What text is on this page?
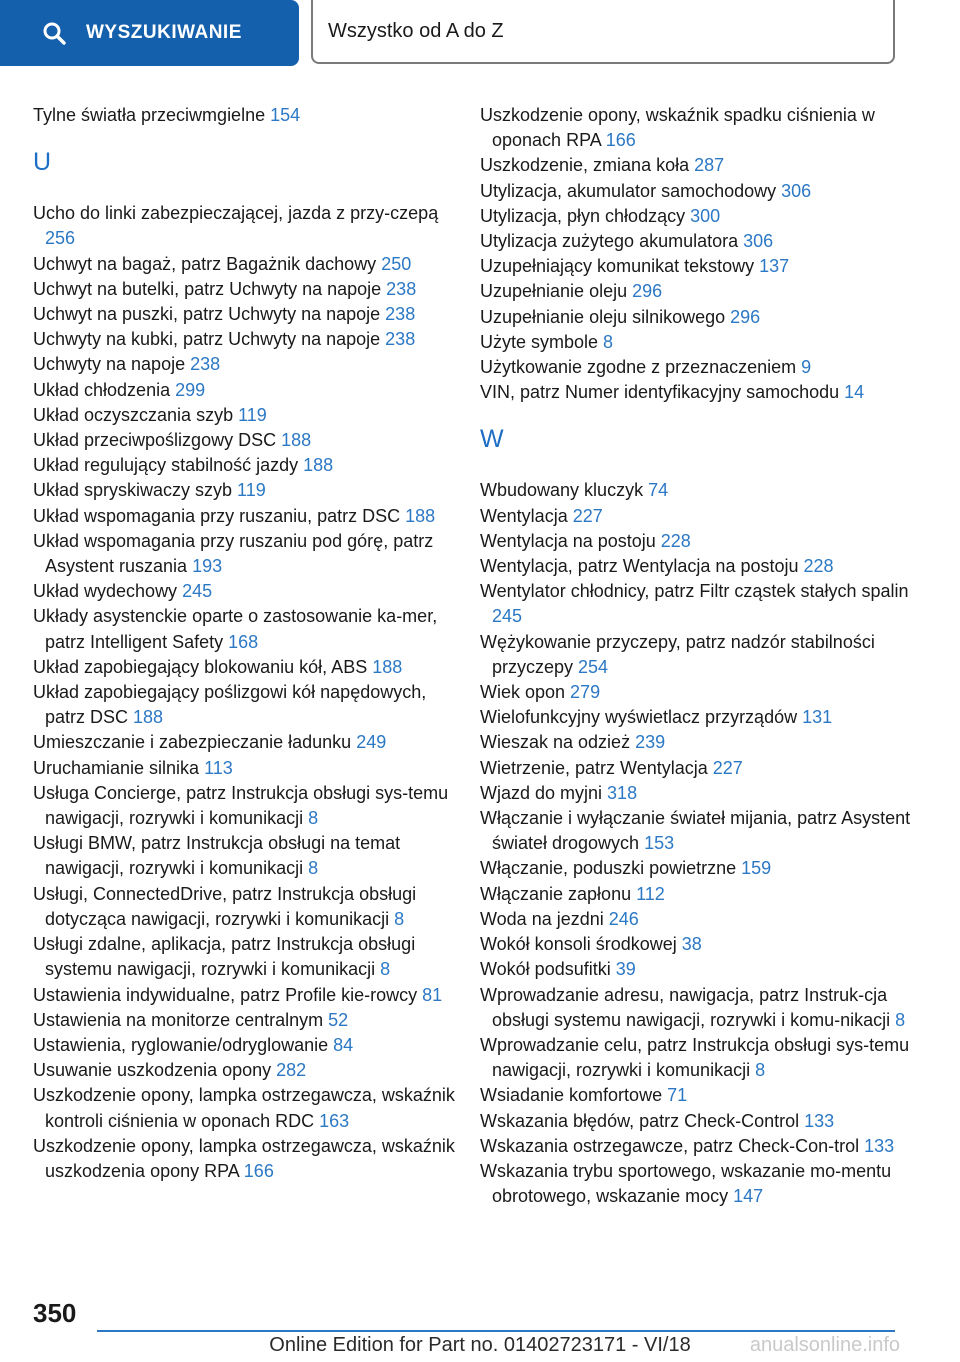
WYSZUKIWANIE	Wszystko od A do Z

Tylne światła przeciwmgielne 154

U

Ucho do linki zabezpieczającej, jazda z przy-czepą 256

Uchwyt na bagaż, patrz Bagażnik dachowy 250

Uchwyt na butelki, patrz Uchwyty na napoje 238

Uchwyt na puszki, patrz Uchwyty na napoje 238

Uchwyty na kubki, patrz Uchwyty na napoje 238

Uchwyty na napoje 238

Układ chłodzenia 299

Układ oczyszczania szyb 119

Układ przeciwpoślizgowy DSC 188

Układ regulujący stabilność jazdy 188

Układ spryskiwaczy szyb 119

Układ wspomagania przy ruszaniu, patrz DSC 188

Układ wspomagania przy ruszaniu pod górę, patrz Asystent ruszania 193

Układ wydechowy 245

Układy asystenckie oparte o zastosowanie ka-mer, patrz Intelligent Safety 168

Układ zapobiegający blokowaniu kół, ABS 188

Układ zapobiegający poślizgowi kół napędowych, patrz DSC 188

Umieszczanie i zabezpieczanie ładunku 249

Uruchamianie silnika 113

Usługa Concierge, patrz Instrukcja obsługi sys-temu nawigacji, rozrywki i komunikacji 8

Usługi BMW, patrz Instrukcja obsługi na temat nawigacji, rozrywki i komunikacji 8

Usługi, ConnectedDrive, patrz Instrukcja obsługi dotycząca nawigacji, rozrywki i komunikacji 8

Usługi zdalne, aplikacja, patrz Instrukcja obsługi systemu nawigacji, rozrywki i komunikacji 8

Ustawienia indywidualne, patrz Profile kie-rowcy 81

Ustawienia na monitorze centralnym 52

Ustawienia, ryglowanie/odryglowanie 84

Usuwanie uszkodzenia opony 282

Uszkodzenie opony, lampka ostrzegawcza, wskaźnik kontroli ciśnienia w oponach RDC 163

Uszkodzenie opony, lampka ostrzegawcza, wskaźnik uszkodzenia opony RPA 166

Uszkodzenie opony, wskaźnik spadku ciśnienia w oponach RPA 166

Uszkodzenie, zmiana koła 287

Utylizacja, akumulator samochodowy 306

Utylizacja, płyn chłodzący 300

Utylizacja zużytego akumulatora 306

Uzupełniający komunikat tekstowy 137

Uzupełnianie oleju 296

Uzupełnianie oleju silnikowego 296

Użyte symbole 8

Użytkowanie zgodne z przeznaczeniem 9

VIN, patrz Numer identyfikacyjny samochodu 14

W

Wbudowany kluczyk 74

Wentylacja 227

Wentylacja na postoju 228

Wentylacja, patrz Wentylacja na postoju 228

Wentylator chłodnicy, patrz Filtr cząstek stałych spalin 245

Wężykowanie przyczepy, patrz nadzór stabilności przyczepy 254

Wiek opon 279

Wielofunkcyjny wyświetlacz przyrządów 131

Wieszak na odzież 239

Wietrzenie, patrz Wentylacja 227

Wjazd do myjni 318

Włączanie i wyłączanie świateł mijania, patrz Asystent świateł drogowych 153

Włączanie, poduszki powietrzne 159

Włączanie zapłonu 112

Woda na jezdni 246

Wokół konsoli środkowej 38

Wokół podsufitki 39

Wprowadzanie adresu, nawigacja, patrz Instruk-cja obsługi systemu nawigacji, rozrywki i komu-nikacji 8

Wprowadzanie celu, patrz Instrukcja obsługi sys-temu nawigacji, rozrywki i komunikacji 8

Wsiadanie komfortowe 71

Wskazania błędów, patrz Check-Control 133

Wskazania ostrzegawcze, patrz Check-Con-trol 133

Wskazania trybu sportowego, wskazanie mo-mentu obrotowego, wskazanie mocy 147

350
Online Edition for Part no. 01402723171 - VI/18	anualsonline.info
